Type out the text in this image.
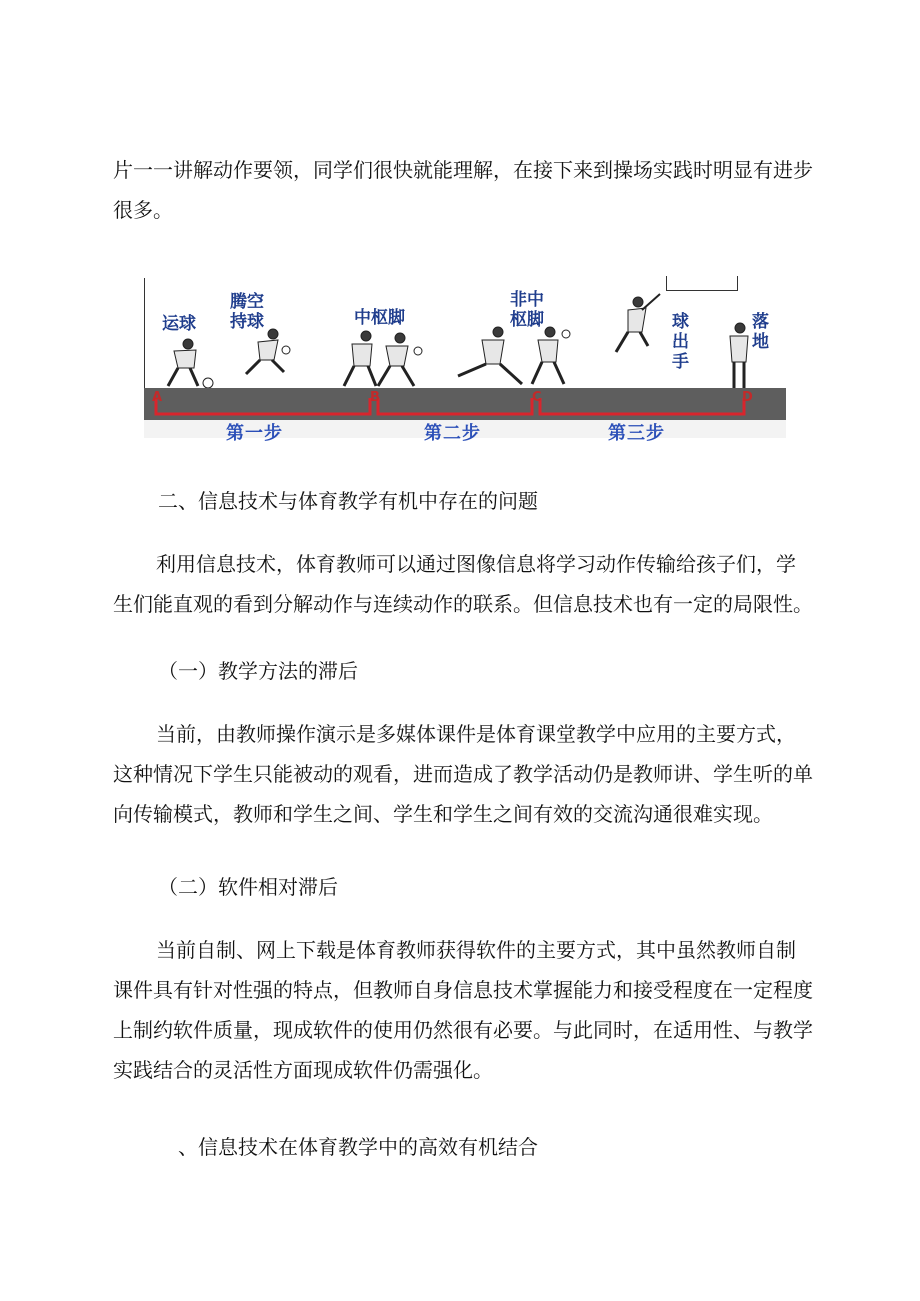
片一一讲解动作要领，同学们很快就能理解，在接下来到操场实践时明显有进步很多。

运球
腾空持球	中枢脚
非中枢脚	球出手
落地
A	B	C	D
第一步	第二步	第三步

二、信息技术与体育教学有机中存在的问题

利用信息技术，体育教师可以通过图像信息将学习动作传输给孩子们，学生们能直观的看到分解动作与连续动作的联系。但信息技术也有一定的局限性。

（一）教学方法的滞后

当前，由教师操作演示是多媒体课件是体育课堂教学中应用的主要方式，这种情况下学生只能被动的观看，进而造成了教学活动仍是教师讲、学生听的单向传输模式，教师和学生之间、学生和学生之间有效的交流沟通很难实现。

（二）软件相对滞后

当前自制、网上下载是体育教师获得软件的主要方式，其中虽然教师自制课件具有针对性强的特点，但教师自身信息技术掌握能力和接受程度在一定程度上制约软件质量，现成软件的使用仍然很有必要。与此同时，在适用性、与教学实践结合的灵活性方面现成软件仍需强化。

、信息技术在体育教学中的高效有机结合
